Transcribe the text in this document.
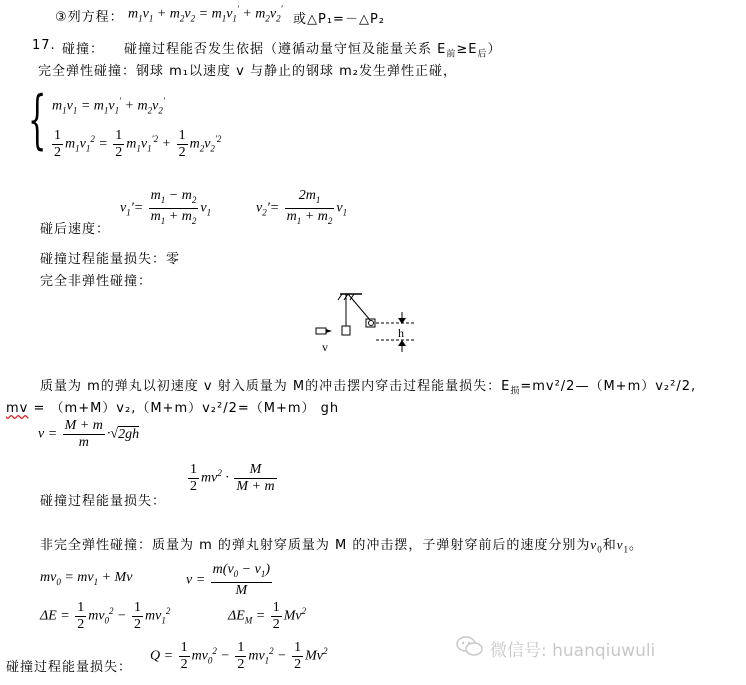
③列方程： $m_1v_1 + m_2v_2 = m_1v_1' + m_2v_2'$
或△P₁=－△P₂
17. 碰撞： 碰撞过程能否发生依据（遵循动量守恒及能量关系 $E_前\ge E_后$）
完全弹性碰撞：钢球 m₁以速度 v 与静止的钢球 m₂发生弹性正碰，
{ $m_1v_1 = m_1v_1' + m_2v_2'$
$\frac{1}{2} m_1v_1^2 = \frac{1}{2} m_1v_1^{'2} + \frac{1}{2} m_2v_2^{'2}$
$v_1'= \frac{m_1 - m_2}{m_1 + m_2} v_1$	$v_2'= \frac{2m_1}{m_1 + m_2} v_1$
碰后速度：
碰撞过程能量损失：零
完全非弹性碰撞：
v
h
质量为 m的弹丸以初速度 v 射入质量为 M的冲击摆内穿击过程能量损失：$E_损=mv^2/2—(M+m)v_2^2/2$,
mv = （m+M）v₂,（M+m）v₂²/2=（M+m） gh
$v = \frac{M + m}{m} \cdot√2gh$
$\frac{1}{2} mv^2 \cdot \frac{M}{M + m}$
碰撞过程能量损失：
非完全弹性碰撞：质量为 m 的弹丸射穿质量为 M 的冲击摆，子弹射穿前后的速度分别为$v_0$和$v_1$。
$mv_0 = mv_1 + Mv$	$v = \frac{m(v_0 - v_1)}{M}$
$\Delta E = \frac{1}{2} mv_0^2 - \frac{1}{2} mv_1^2$	$\Delta E_M = \frac{1}{2} Mv^2$
碰撞过程能量损失：
$Q = \frac{1}{2} mv_0^2 - \frac{1}{2} mv_1^2 - \frac{1}{2} Mv^2$	微信号: huanqiuwuli
